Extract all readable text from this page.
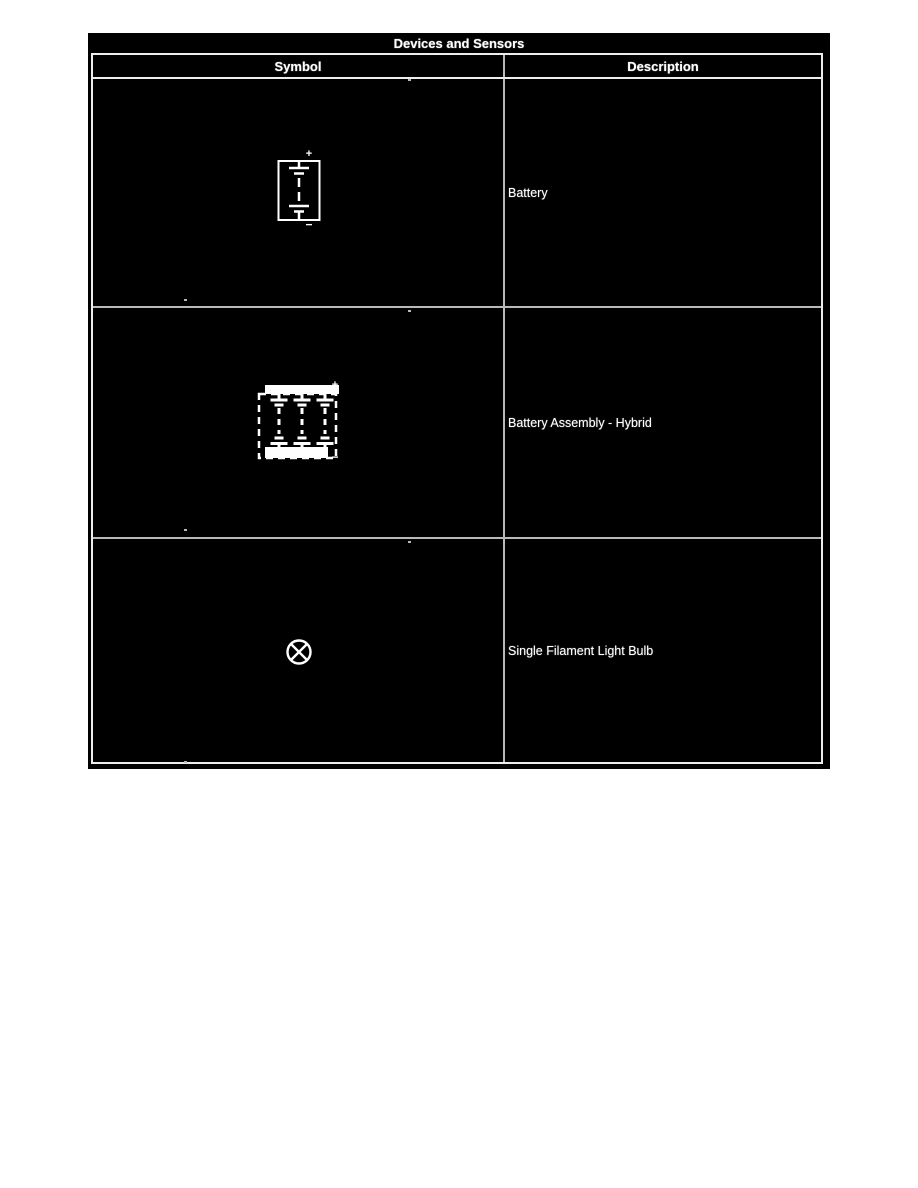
Devices and Sensors
Symbol	Description
+
−
Battery
−
Battery Assembly - Hybrid
Single Filament Light Bulb
